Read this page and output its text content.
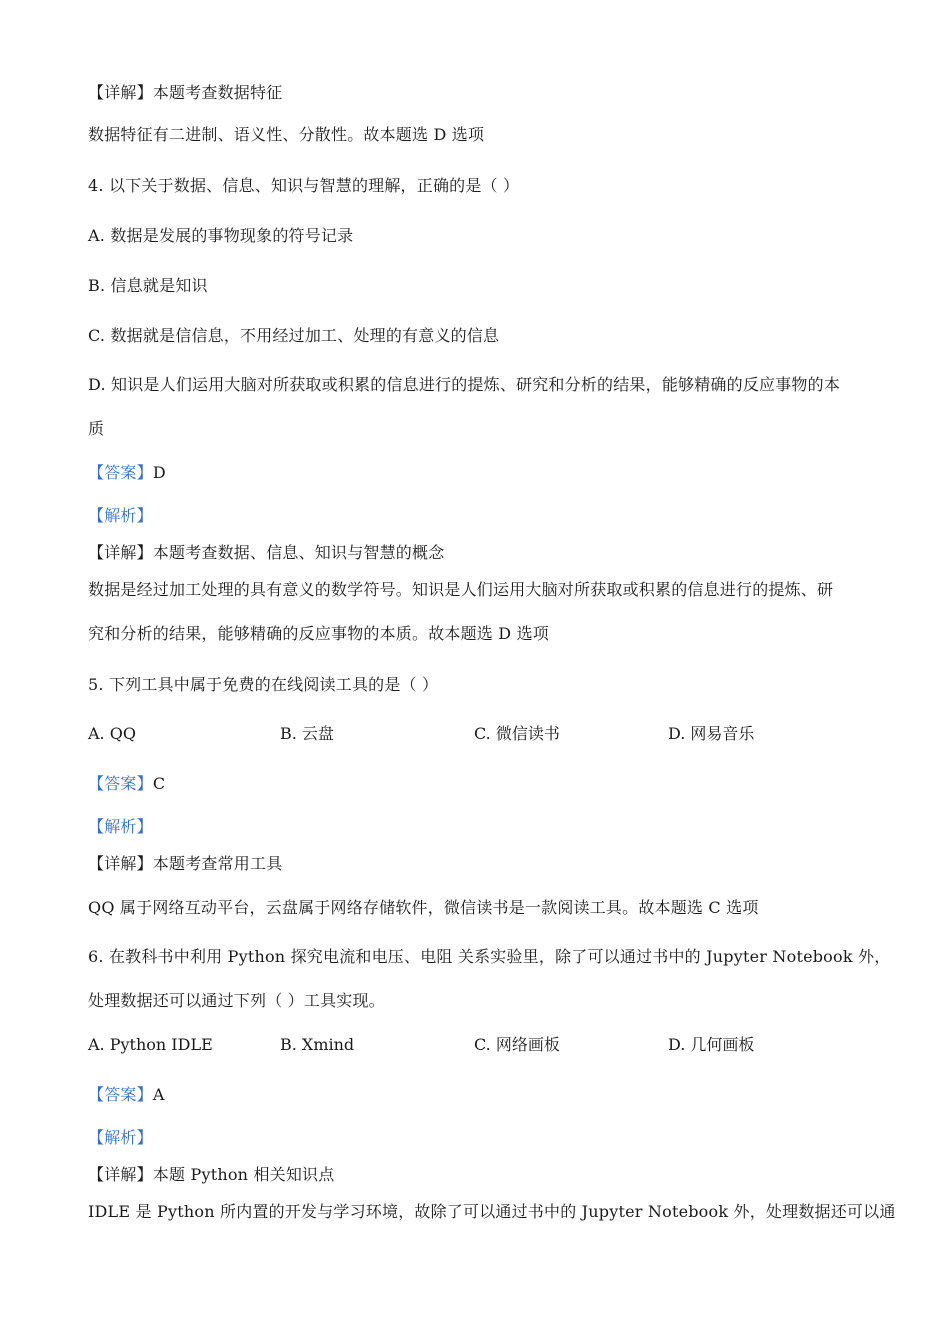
【详解】本题考查数据特征
数据特征有二进制、语义性、分散性。故本题选 D 选项
4. 以下关于数据、信息、知识与智慧的理解，正确的是（ ）
A. 数据是发展的事物现象的符号记录
B. 信息就是知识
C. 数据就是信信息，不用经过加工、处理的有意义的信息
D. 知识是人们运用大脑对所获取或积累的信息进行的提炼、研究和分析的结果，能够精确的反应事物的本
质
【答案】D
【解析】
【详解】本题考查数据、信息、知识与智慧的概念
数据是经过加工处理的具有意义的数学符号。知识是人们运用大脑对所获取或积累的信息进行的提炼、研
究和分析的结果，能够精确的反应事物的本质。故本题选 D 选项
5. 下列工具中属于免费的在线阅读工具的是（ ）
A. QQ	B. 云盘	C. 微信读书	D. 网易音乐
【答案】C
【解析】
【详解】本题考查常用工具
QQ 属于网络互动平台，云盘属于网络存储软件，微信读书是一款阅读工具。故本题选 C 选项
6. 在教科书中利用 Python 探究电流和电压、电阻 关系实验里，除了可以通过书中的 Jupyter Notebook 外，
处理数据还可以通过下列（ ）工具实现。
A. Python IDLE	B. Xmind	C. 网络画板	D. 几何画板
【答案】A
【解析】
【详解】本题 Python 相关知识点
IDLE 是 Python 所内置的开发与学习环境，故除了可以通过书中的 Jupyter Notebook 外，处理数据还可以通
